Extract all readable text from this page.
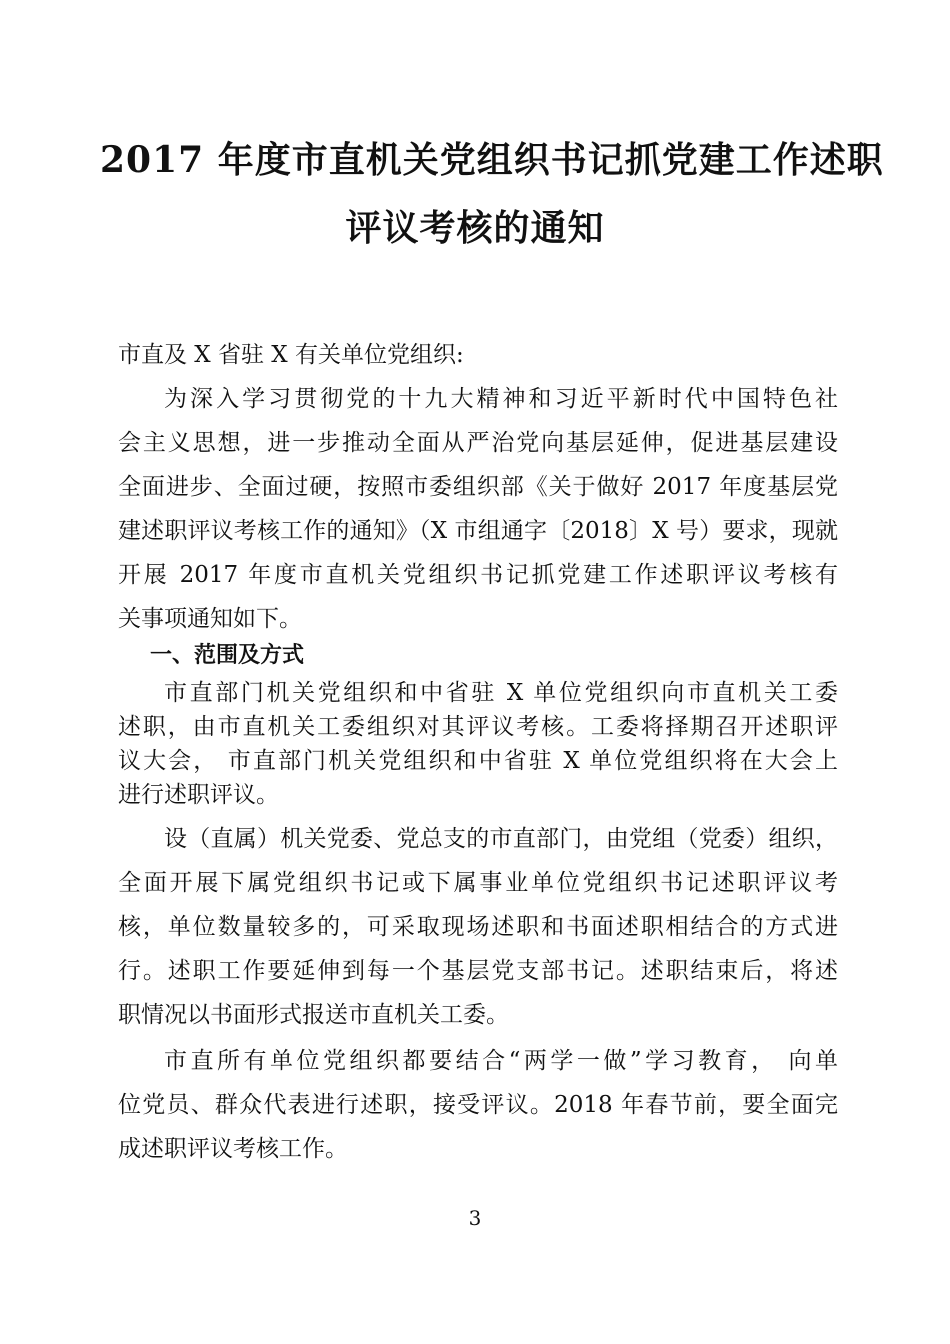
2017 年度市直机关党组织书记抓党建工作述职
评议考核的通知
市直及 X 省驻 X 有关单位党组织:
为深入学习贯彻党的十九大精神和习近平新时代中国特色社
会主义思想，进一步推动全面从严治党向基层延伸，促进基层建设
全面进步、全面过硬，按照市委组织部《关于做好 2017 年度基层党
建述职评议考核工作的通知》（X 市组通字〔2018〕X 号）要求，现就
开展 2017 年度市直机关党组织书记抓党建工作述职评议考核有
关事项通知如下。
一、范围及方式
市直部门机关党组织和中省驻 X 单位党组织向市直机关工委
述职，由市直机关工委组织对其评议考核。工委将择期召开述职评
议大会， 市直部门机关党组织和中省驻 X 单位党组织将在大会上
进行述职评议。
设（直属）机关党委、党总支的市直部门，由党组（党委）组织，
全面开展下属党组织书记或下属事业单位党组织书记述职评议考
核，单位数量较多的，可采取现场述职和书面述职相结合的方式进
行。述职工作要延伸到每一个基层党支部书记。述职结束后，将述
职情况以书面形式报送市直机关工委。
市直所有单位党组织都要结合“两学一做”学习教育， 向单
位党员、群众代表进行述职，接受评议。2018 年春节前，要全面完
成述职评议考核工作。
3
